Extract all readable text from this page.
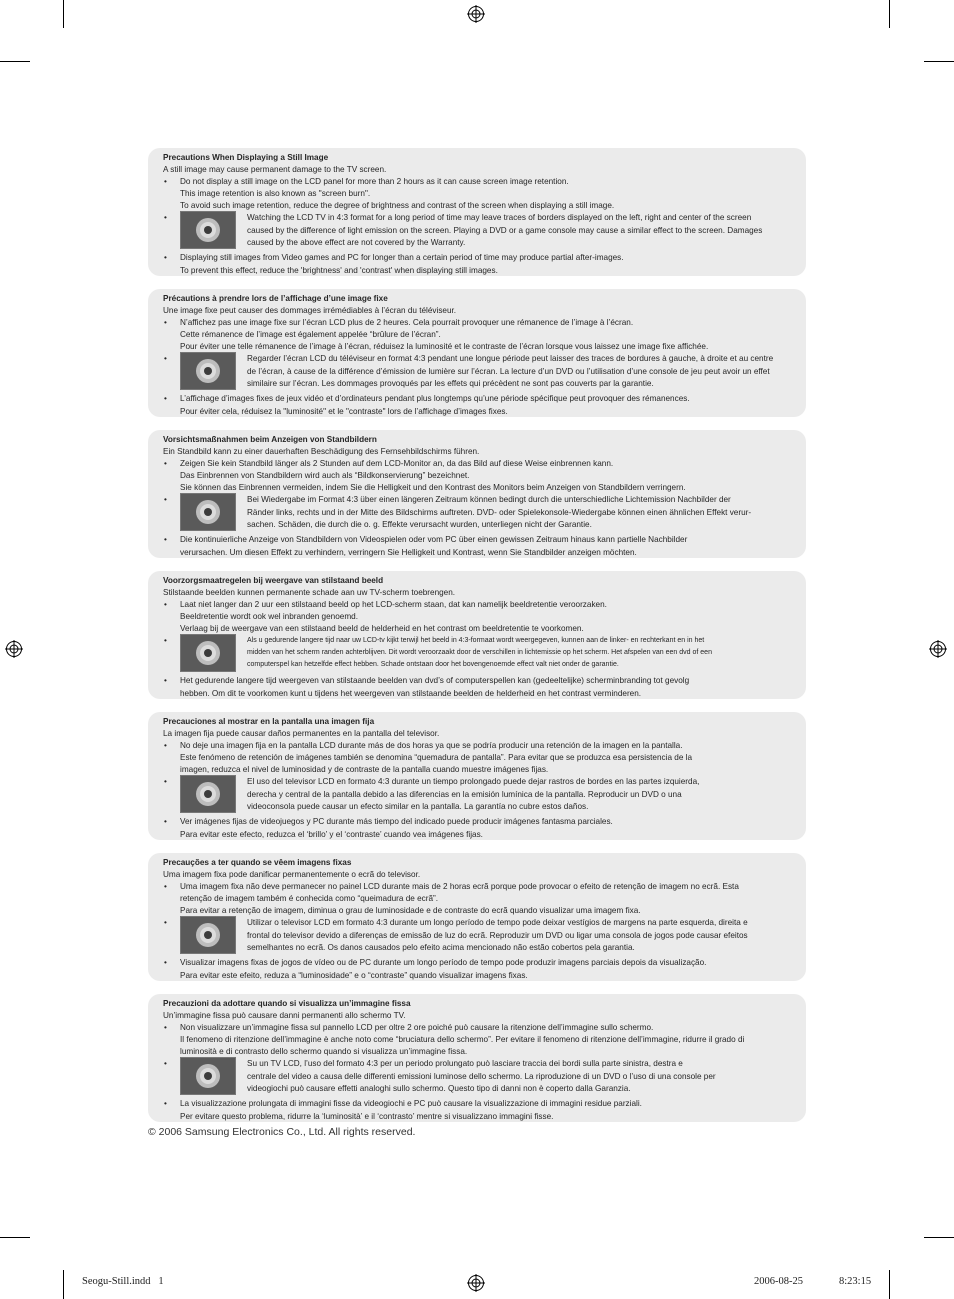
Precautions When Displaying a Still Image
A still image may cause permanent damage to the TV screen.
• Do not display a still image on the LCD panel for more than 2 hours as it can cause screen image retention.
This image retention is also known as "screen burn".
To avoid such image retention, reduce the degree of brightness and contrast of the screen when displaying a still image.
•	Watching the LCD TV in 4:3 format for a long period of time may leave traces of borders displayed on the left, right and center of the screen
caused by the difference of light emission on the screen. Playing a DVD or a game console may cause a similar effect to the screen. Damages
caused by the above effect are not covered by the Warranty.
• Displaying still images from Video games and PC for longer than a certain period of time may produce partial after-images.
To prevent this effect, reduce the 'brightness' and 'contrast' when displaying still images.
Précautions à prendre lors de l’affichage d’une image fixe
Une image fixe peut causer des dommages irrémédiables à l’écran du téléviseur.
• N’affichez pas une image fixe sur l’écran LCD plus de 2 heures. Cela pourrait provoquer une rémanence de l’image à l’écran.
Cette rémanence de l’image est également appelée “brûlure de l’écran”.
Pour éviter une telle rémanence de l’image à l’écran, réduisez la luminosité et le contraste de l’écran lorsque vous laissez une image fixe affichée.
•	Regarder l’écran LCD du téléviseur en format 4:3 pendant une longue période peut laisser des traces de bordures à gauche, à droite et au centre
de l’écran, à cause de la différence d’émission de lumière sur l’écran. La lecture d’un DVD ou l’utilisation d’une console de jeu peut avoir un effet
similaire sur l’écran. Les dommages provoqués par les effets qui précèdent ne sont pas couverts par la garantie.
• L’affichage d’images fixes de jeux vidéo et d’ordinateurs pendant plus longtemps qu’une période spécifique peut provoquer des rémanences.
Pour éviter cela, réduisez la "luminosité" et le "contraste" lors de l’affichage d’images fixes.
Vorsichtsmaßnahmen beim Anzeigen von Standbildern
Ein Standbild kann zu einer dauerhaften Beschädigung des Fernsehbildschirms führen.
• Zeigen Sie kein Standbild länger als 2 Stunden auf dem LCD-Monitor an, da das Bild auf diese Weise einbrennen kann.
Das Einbrennen von Standbildern wird auch als “Bildkonservierung” bezeichnet.
Sie können das Einbrennen vermeiden, indem Sie die Helligkeit und den Kontrast des Monitors beim Anzeigen von Standbildern verringern.
•	Bei Wiedergabe im Format 4:3 über einen längeren Zeitraum können bedingt durch die unterschiedliche Lichtemission Nachbilder der
Ränder links, rechts und in der Mitte des Bildschirms auftreten. DVD- oder Spielekonsole-Wiedergabe können einen ähnlichen Effekt verur-
sachen. Schäden, die durch die o. g. Effekte verursacht wurden, unterliegen nicht der Garantie.
• Die kontinuierliche Anzeige von Standbildern von Videospielen oder vom PC über einen gewissen Zeitraum hinaus kann partielle Nachbilder
verursachen. Um diesen Effekt zu verhindern, verringern Sie Helligkeit und Kontrast, wenn Sie Standbilder anzeigen möchten.
Voorzorgsmaatregelen bij weergave van stilstaand beeld
Stilstaande beelden kunnen permanente schade aan uw TV-scherm toebrengen.
• Laat niet langer dan 2 uur een stilstaand beeld op het LCD-scherm staan, dat kan namelijk beeldretentie veroorzaken.
Beeldretentie wordt ook wel inbranden genoemd.
Verlaag bij de weergave van een stilstaand beeld de helderheid en het contrast om beeldretentie te voorkomen.
•	Als u gedurende langere tijd naar uw LCD-tv kijkt terwijl het beeld in 4:3-formaat wordt weergegeven, kunnen aan de linker- en rechterkant en in het
midden van het scherm randen achterblijven. Dit wordt veroorzaakt door de verschillen in lichtemissie op het scherm. Het afspelen van een dvd of een
computerspel kan hetzelfde effect hebben. Schade ontstaan door het bovengenoemde effect valt niet onder de garantie.
• Het gedurende langere tijd weergeven van stilstaande beelden van dvd’s of computerspellen kan (gedeeltelijke) scherminbranding tot gevolg
hebben. Om dit te voorkomen kunt u tijdens het weergeven van stilstaande beelden de helderheid en het contrast verminderen.
Precauciones al mostrar en la pantalla una imagen fija
La imagen fija puede causar daños permanentes en la pantalla del televisor.
• No deje una imagen fija en la pantalla LCD durante más de dos horas ya que se podría producir una retención de la imagen en la pantalla.
Este fenómeno de retención de imágenes también se denomina “quemadura de pantalla”. Para evitar que se produzca esa persistencia de la
imagen, reduzca el nivel de luminosidad y de contraste de la pantalla cuando muestre imágenes fijas.
•	El uso del televisor LCD en formato 4:3 durante un tiempo prolongado puede dejar rastros de bordes en las partes izquierda,
derecha y central de la pantalla debido a las diferencias en la emisión lumínica de la pantalla. Reproducir un DVD o una
videoconsola puede causar un efecto similar en la pantalla. La garantía no cubre estos daños.
• Ver imágenes fijas de videojuegos y PC durante más tiempo del indicado puede producir imágenes fantasma parciales.
Para evitar este efecto, reduzca el ‘brillo’ y el ‘contraste’ cuando vea imágenes fijas.
Precauções a ter quando se vêem imagens fixas
Uma imagem fixa pode danificar permanentemente o ecrã do televisor.
• Uma imagem fixa não deve permanecer no painel LCD durante mais de 2 horas ecrã porque pode provocar o efeito de retenção de imagem no ecrã. Esta
retenção de imagem também é conhecida como “queimadura de ecrã”.
Para evitar a retenção de imagem, diminua o grau de luminosidade e de contraste do ecrã quando visualizar uma imagem fixa.
•	Utilizar o televisor LCD em formato 4:3 durante um longo período de tempo pode deixar vestígios de margens na parte esquerda, direita e
frontal do televisor devido a diferenças de emissão de luz do ecrã. Reproduzir um DVD ou ligar uma consola de jogos pode causar efeitos
semelhantes no ecrã. Os danos causados pelo efeito acima mencionado não estão cobertos pela garantia.
• Visualizar imagens fixas de jogos de vídeo ou de PC durante um longo período de tempo pode produzir imagens parciais depois da visualização.
Para evitar este efeito, reduza a “luminosidade” e o “contraste” quando visualizar imagens fixas.
Precauzioni da adottare quando si visualizza un’immagine fissa
Un’immagine fissa può causare danni permanenti allo schermo TV.
• Non visualizzare un’immagine fissa sul pannello LCD per oltre 2 ore poiché può causare la ritenzione dell’immagine sullo schermo.
Il fenomeno di ritenzione dell’immagine è anche noto come “bruciatura dello schermo”. Per evitare il fenomeno di ritenzione dell’immagine, ridurre il grado di
luminosità e di contrasto dello schermo quando si visualizza un’immagine fissa.
•	Su un TV LCD, l’uso del formato 4:3 per un periodo prolungato può lasciare traccia dei bordi sulla parte sinistra, destra e
centrale del video a causa delle differenti emissioni luminose dello schermo. La riproduzione di un DVD o l’uso di una console per
videogiochi può causare effetti analoghi sullo schermo. Questo tipo di danni non è coperto dalla Garanzia.
• La visualizzazione prolungata di immagini fisse da videogiochi e PC può causare la visualizzazione di immagini residue parziali.
Per evitare questo problema, ridurre la ‘luminosità’ e il ‘contrasto’ mentre si visualizzano immagini fisse.
© 2006 Samsung Electronics Co., Ltd. All rights reserved.
Seogu-Still.indd   1	2006-08-25	8:23:15
